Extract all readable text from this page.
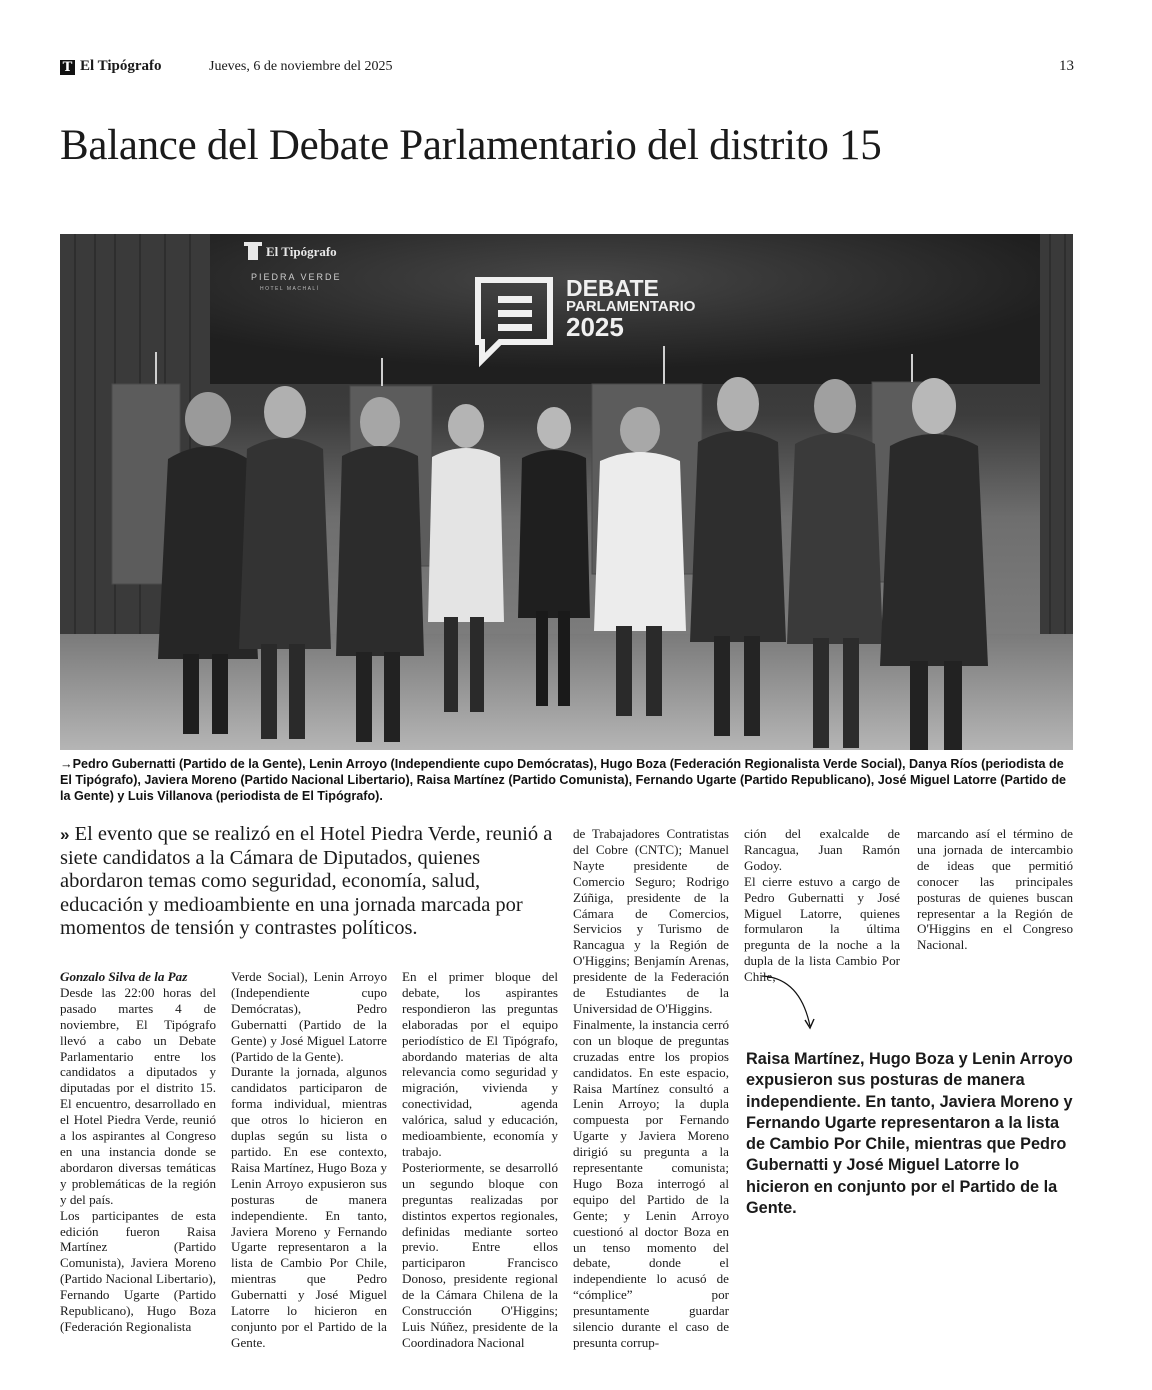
T El Tipógrafo	Jueves, 6 de noviembre del 2025	13
Balance del Debate Parlamentario del distrito 15
El Tipógrafo
PIEDRA VERDE
HOTEL MACHALÍ	DEBATE
PARLAMENTARIO
2025
→Pedro Gubernatti (Partido de la Gente), Lenin Arroyo (Independiente cupo Demócratas), Hugo Boza (Federación Regionalista Verde Social), Danya Ríos (periodista de El Tipógrafo), Javiera Moreno (Partido Nacional Libertario), Raisa Martínez (Partido Comunista), Fernando Ugarte (Partido Republicano), José Miguel Latorre (Partido de la Gente) y Luis Villanova (periodista de El Tipógrafo).
» El evento que se realizó en el Hotel Piedra Verde, reunió a siete candidatos a la Cámara de Diputados, quienes abordaron temas como seguridad, economía, salud, educación y medioambiente en una jornada marcada por momentos de tensión y contrastes políticos.

Gonzalo Silva de la Paz

Desde las 22:00 horas del pasado martes 4 de noviembre, El Tipógrafo llevó a cabo un Debate Parlamentario entre los candidatos a diputados y diputadas por el distrito 15. El encuentro, desarrollado en el Hotel Piedra Verde, reunió a los aspirantes al Congreso en una instancia donde se abordaron diversas temáticas y problemáticas de la región y del país.

Los participantes de esta edición fueron Raisa Martínez (Partido Comunista), Javiera Moreno (Partido Nacional Libertario), Fernando Ugarte (Partido Republicano), Hugo Boza (Federación Regionalista

Verde Social), Lenin Arroyo (Independiente cupo Demócratas), Pedro Gubernatti (Partido de la Gente) y José Miguel Latorre (Partido de la Gente).

Durante la jornada, algunos candidatos participaron de forma individual, mientras que otros lo hicieron en duplas según su lista o partido. En ese contexto, Raisa Martínez, Hugo Boza y Lenin Arroyo expusieron sus posturas de manera independiente. En tanto, Javiera Moreno y Fernando Ugarte representaron a la lista de Cambio Por Chile, mientras que Pedro Gubernatti y José Miguel Latorre lo hicieron en conjunto por el Partido de la Gente.

En el primer bloque del debate, los aspirantes respondieron las preguntas elaboradas por el equipo periodístico de El Tipógrafo, abordando materias de alta relevancia como seguridad y migración, vivienda y conectividad, agenda valórica, salud y educación, medioambiente, economía y trabajo.

Posteriormente, se desarrolló un segundo bloque con preguntas realizadas por distintos expertos regionales, definidas mediante sorteo previo. Entre ellos participaron Francisco Donoso, presidente regional de la Cámara Chilena de la Construcción O'Higgins; Luis Núñez, presidente de la Coordinadora Nacional

de Trabajadores Contratistas del Cobre (CNTC); Manuel Nayte presidente de Comercio Seguro; Rodrigo Zúñiga, presidente de la Cámara de Comercios, Servicios y Turismo de Rancagua y la Región de O'Higgins; Benjamín Arenas, presidente de la Federación de Estudiantes de la Universidad de O'Higgins.

Finalmente, la instancia cerró con un bloque de preguntas cruzadas entre los propios candidatos. En este espacio, Raisa Martínez consultó a Lenin Arroyo; la dupla compuesta por Fernando Ugarte y Javiera Moreno dirigió su pregunta a la representante comunista; Hugo Boza interrogó al equipo del Partido de la Gente; y Lenin Arroyo cuestionó al doctor Boza en un tenso momento del debate, donde el independiente lo acusó de “cómplice” por presuntamente guardar silencio durante el caso de presunta corrup-

ción del exalcalde de Rancagua, Juan Ramón Godoy.

El cierre estuvo a cargo de Pedro Gubernatti y José Miguel Latorre, quienes formularon la última pregunta de la noche a la dupla de la lista Cambio Por Chile,

marcando así el término de una jornada de intercambio de ideas que permitió conocer las principales posturas de quienes buscan representar a la Región de O'Higgins en el Congreso Nacional.

Raisa Martínez, Hugo Boza y Lenin Arroyo expusieron sus posturas de manera independiente. En tanto, Javiera Moreno y Fernando Ugarte representaron a la lista de Cambio Por Chile, mientras que Pedro Gubernatti y José Miguel Latorre lo hicieron en conjunto por el Partido de la Gente.
